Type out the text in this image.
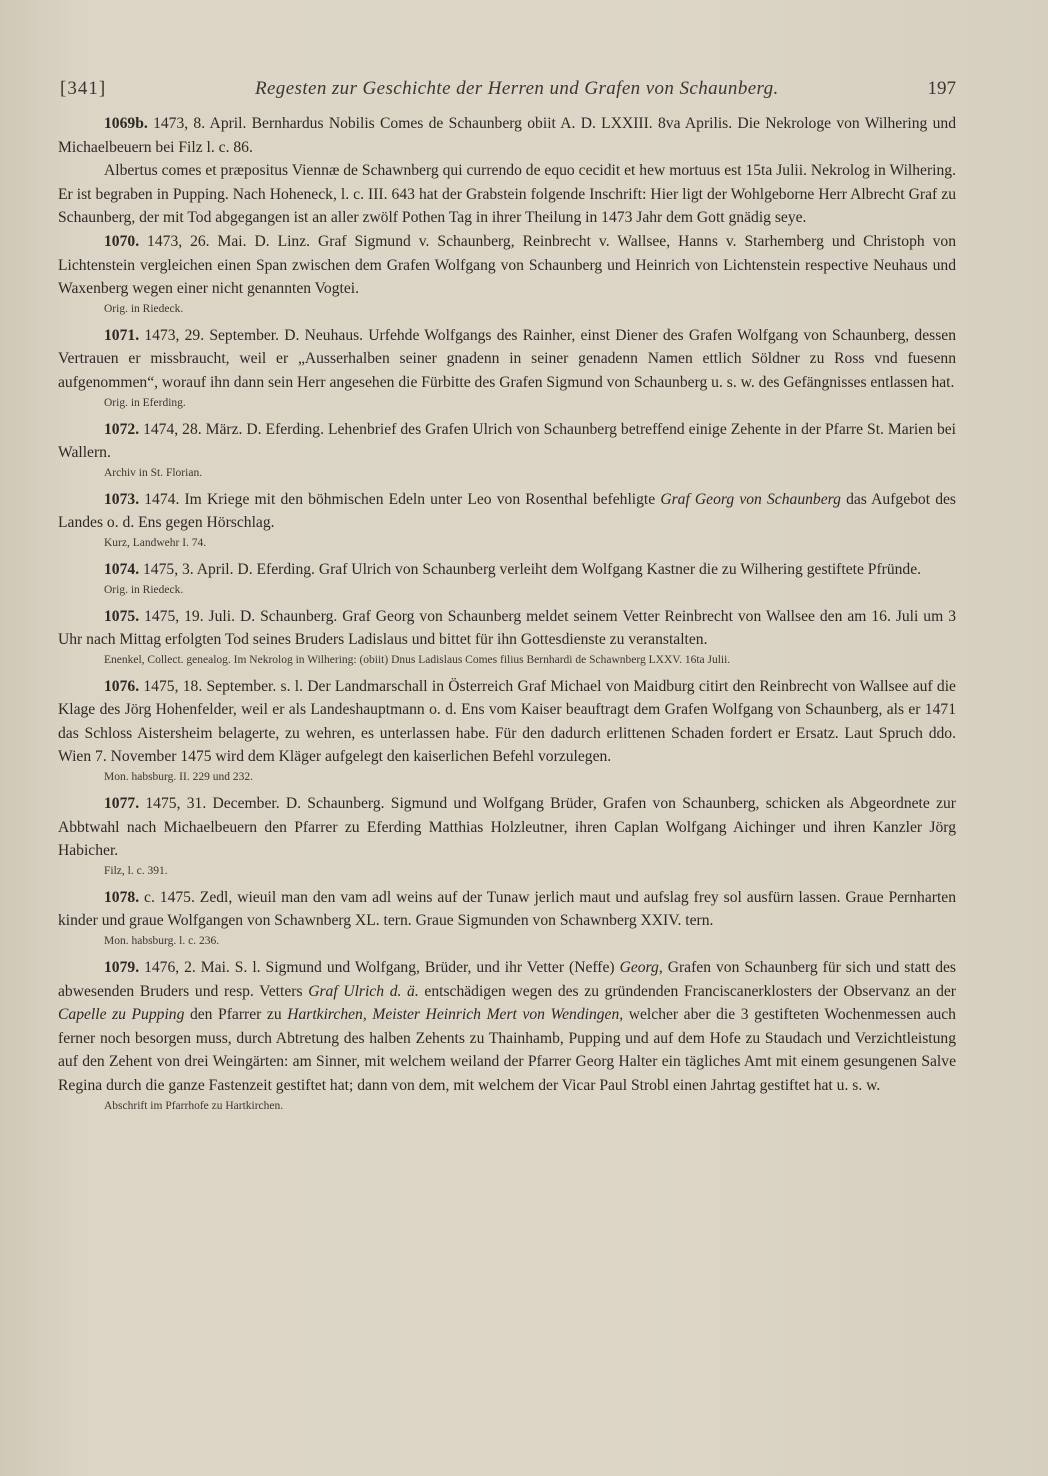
[341]	Regesten zur Geschichte der Herren und Grafen von Schaunberg.	197

1069b. 1473, 8. April. Bernhardus Nobilis Comes de Schaunberg obiit A. D. LXXIII. 8va Aprilis. Die Nekrologe von Wilhering und Michaelbeuern bei Filz l. c. 86.

Albertus comes et præpositus Viennæ de Schawnberg qui currendo de equo cecidit et hew mortuus est 15ta Julii. Nekrolog in Wilhering. Er ist begraben in Pupping. Nach Hoheneck, l. c. III. 643 hat der Grabstein folgende Inschrift: Hier ligt der Wohlgeborne Herr Albrecht Graf zu Schaunberg, der mit Tod abgegangen ist an aller zwölf Pothen Tag in ihrer Theilung in 1473 Jahr dem Gott gnädig seye.

1070. 1473, 26. Mai. D. Linz. Graf Sigmund v. Schaunberg, Reinbrecht v. Wallsee, Hanns v. Starhemberg und Christoph von Lichtenstein vergleichen einen Span zwischen dem Grafen Wolfgang von Schaunberg und Heinrich von Lichtenstein respective Neuhaus und Waxenberg wegen einer nicht genannten Vogtei.

Orig. in Riedeck.

1071. 1473, 29. September. D. Neuhaus. Urfehde Wolfgangs des Rainher, einst Diener des Grafen Wolfgang von Schaunberg, dessen Vertrauen er missbraucht, weil er „Ausserhalben seiner gnadenn in seiner genadenn Namen ettlich Söldner zu Ross vnd fuesenn aufgenommen“, worauf ihn dann sein Herr angesehen die Fürbitte des Grafen Sigmund von Schaunberg u. s. w. des Gefängnisses entlassen hat.

Orig. in Eferding.

1072. 1474, 28. März. D. Eferding. Lehenbrief des Grafen Ulrich von Schaunberg betreffend einige Zehente in der Pfarre St. Marien bei Wallern.

Archiv in St. Florian.

1073. 1474. Im Kriege mit den böhmischen Edeln unter Leo von Rosenthal befehligte Graf Georg von Schaunberg das Aufgebot des Landes o. d. Ens gegen Hörschlag.

Kurz, Landwehr I. 74.

1074. 1475, 3. April. D. Eferding. Graf Ulrich von Schaunberg verleiht dem Wolfgang Kastner die zu Wilhering gestiftete Pfründe.

Orig. in Riedeck.

1075. 1475, 19. Juli. D. Schaunberg. Graf Georg von Schaunberg meldet seinem Vetter Reinbrecht von Wallsee den am 16. Juli um 3 Uhr nach Mittag erfolgten Tod seines Bruders Ladislaus und bittet für ihn Gottesdienste zu veranstalten.

Enenkel, Collect. genealog. Im Nekrolog in Wilhering: (obiit) Dnus Ladislaus Comes filius Bernhardi de Schawnberg LXXV. 16ta Julii.

1076. 1475, 18. September. s. l. Der Landmarschall in Österreich Graf Michael von Maidburg citirt den Reinbrecht von Wallsee auf die Klage des Jörg Hohenfelder, weil er als Landeshauptmann o. d. Ens vom Kaiser beauftragt dem Grafen Wolfgang von Schaunberg, als er 1471 das Schloss Aistersheim belagerte, zu wehren, es unterlassen habe. Für den dadurch erlittenen Schaden fordert er Ersatz. Laut Spruch ddo. Wien 7. November 1475 wird dem Kläger aufgelegt den kaiserlichen Befehl vorzulegen.

Mon. habsburg. II. 229 und 232.

1077. 1475, 31. December. D. Schaunberg. Sigmund und Wolfgang Brüder, Grafen von Schaunberg, schicken als Abgeordnete zur Abbtwahl nach Michaelbeuern den Pfarrer zu Eferding Matthias Holzleutner, ihren Caplan Wolfgang Aichinger und ihren Kanzler Jörg Habicher.

Filz, l. c. 391.

1078. c. 1475. Zedl, wieuil man den vam adl weins auf der Tunaw jerlich maut und aufslag frey sol ausfürn lassen. Graue Pernharten kinder und graue Wolfgangen von Schawnberg XL. tern. Graue Sigmunden von Schawnberg XXIV. tern.

Mon. habsburg. l. c. 236.

1079. 1476, 2. Mai. S. l. Sigmund und Wolfgang, Brüder, und ihr Vetter (Neffe) Georg, Grafen von Schaunberg für sich und statt des abwesenden Bruders und resp. Vetters Graf Ulrich d. ä. entschädigen wegen des zu gründenden Franciscanerklosters der Observanz an der Capelle zu Pupping den Pfarrer zu Hartkirchen, Meister Heinrich Mert von Wendingen, welcher aber die 3 gestifteten Wochenmessen auch ferner noch besorgen muss, durch Abtretung des halben Zehents zu Thainhamb, Pupping und auf dem Hofe zu Staudach und Verzichtleistung auf den Zehent von drei Weingärten: am Sinner, mit welchem weiland der Pfarrer Georg Halter ein tägliches Amt mit einem gesungenen Salve Regina durch die ganze Fastenzeit gestiftet hat; dann von dem, mit welchem der Vicar Paul Strobl einen Jahrtag gestiftet hat u. s. w.

Abschrift im Pfarrhofe zu Hartkirchen.
